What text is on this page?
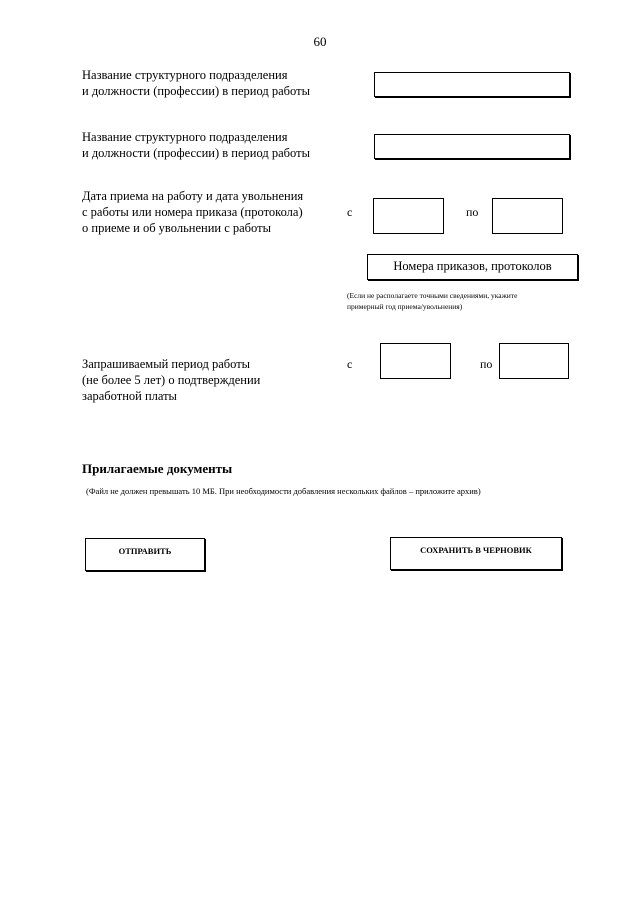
60
Название структурного подразделения
и должности (профессии) в период работы
Название структурного подразделения
и должности (профессии) в период работы
Дата приема на работу и дата увольнения
с работы или номера приказа (протокола)
о приеме и об увольнении с работы
с	по
Номера приказов, протоколов
(Если не располагаете точными сведениями, укажите
примерный год приема/увольнения)
Запрашиваемый период работы
(не более 5 лет) о подтверждении
заработной платы
с	по
Прилагаемые документы
(Файл не должен превышать 10 МБ. При необходимости добавления нескольких файлов – приложите архив)
ОТПРАВИТЬ	СОХРАНИТЬ В ЧЕРНОВИК
